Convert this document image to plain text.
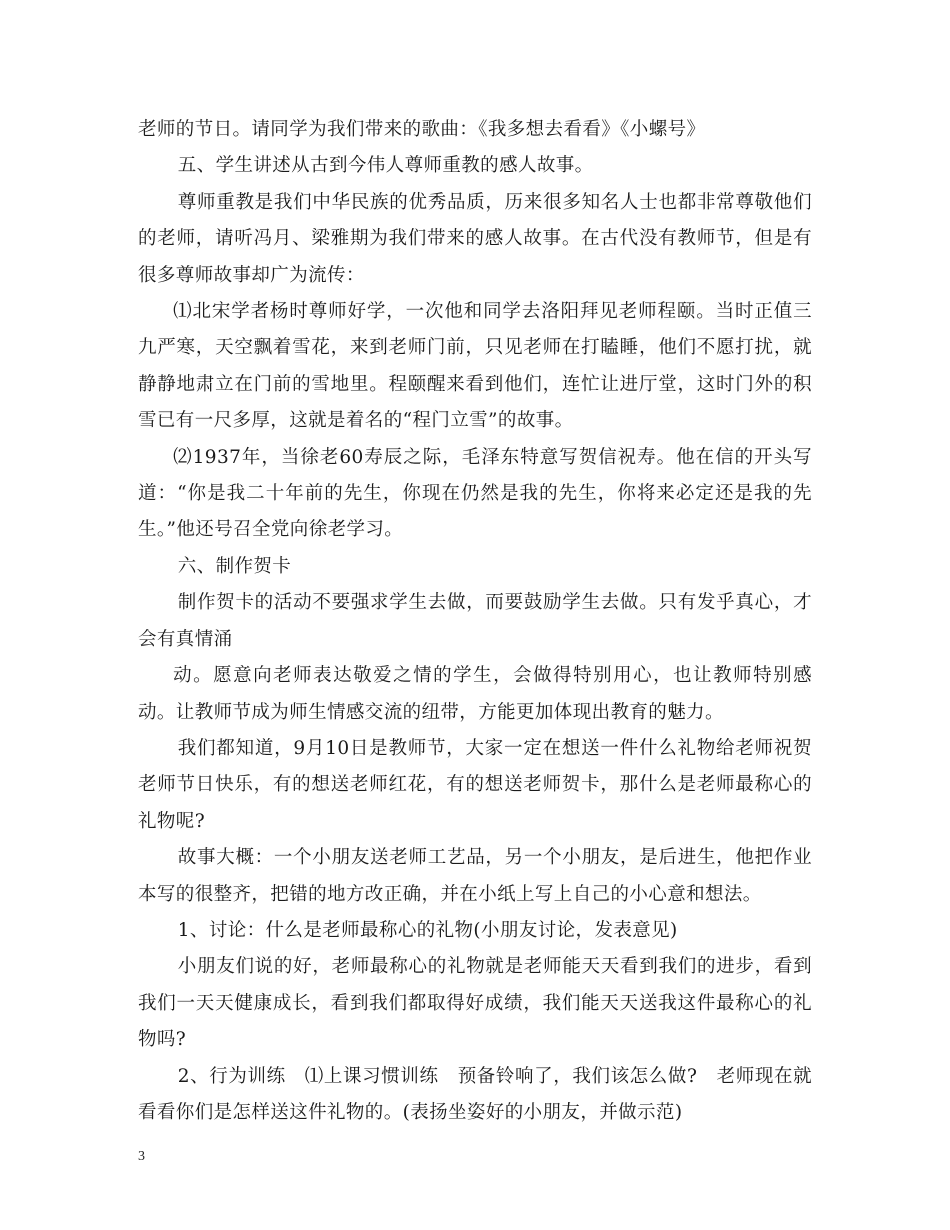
老师的节日。请同学为我们带来的歌曲：《我多想去看看》《小螺号》

五、学生讲述从古到今伟人尊师重教的感人故事。

尊师重教是我们中华民族的优秀品质，历来很多知名人士也都非常尊敬他们的老师，请听冯月、梁雅期为我们带来的感人故事。在古代没有教师节，但是有很多尊师故事却广为流传：

⑴北宋学者杨时尊师好学，一次他和同学去洛阳拜见老师程颐。当时正值三九严寒，天空飘着雪花，来到老师门前，只见老师在打瞌睡，他们不愿打扰，就静静地肃立在门前的雪地里。程颐醒来看到他们，连忙让进厅堂，这时门外的积雪已有一尺多厚，这就是着名的“程门立雪”的故事。

⑵1937年，当徐老60寿辰之际，毛泽东特意写贺信祝寿。他在信的开头写道：“你是我二十年前的先生，你现在仍然是我的先生，你将来必定还是我的先生。”他还号召全党向徐老学习。

六、制作贺卡

制作贺卡的活动不要强求学生去做，而要鼓励学生去做。只有发乎真心，才会有真情涌

动。愿意向老师表达敬爱之情的学生，会做得特别用心，也让教师特别感动。让教师节成为师生情感交流的纽带，方能更加体现出教育的魅力。

我们都知道，9月10日是教师节，大家一定在想送一件什么礼物给老师祝贺老师节日快乐，有的想送老师红花，有的想送老师贺卡，那什么是老师最称心的礼物呢?

故事大概：一个小朋友送老师工艺品，另一个小朋友，是后进生，他把作业本写的很整齐，把错的地方改正确，并在小纸上写上自己的小心意和想法。

1、讨论：什么是老师最称心的礼物(小朋友讨论，发表意见)

小朋友们说的好，老师最称心的礼物就是老师能天天看到我们的进步，看到我们一天天健康成长，看到我们都取得好成绩，我们能天天送我这件最称心的礼物吗?

2、行为训练　⑴上课习惯训练　预备铃响了，我们该怎么做?　老师现在就看看你们是怎样送这件礼物的。(表扬坐姿好的小朋友，并做示范)

3
